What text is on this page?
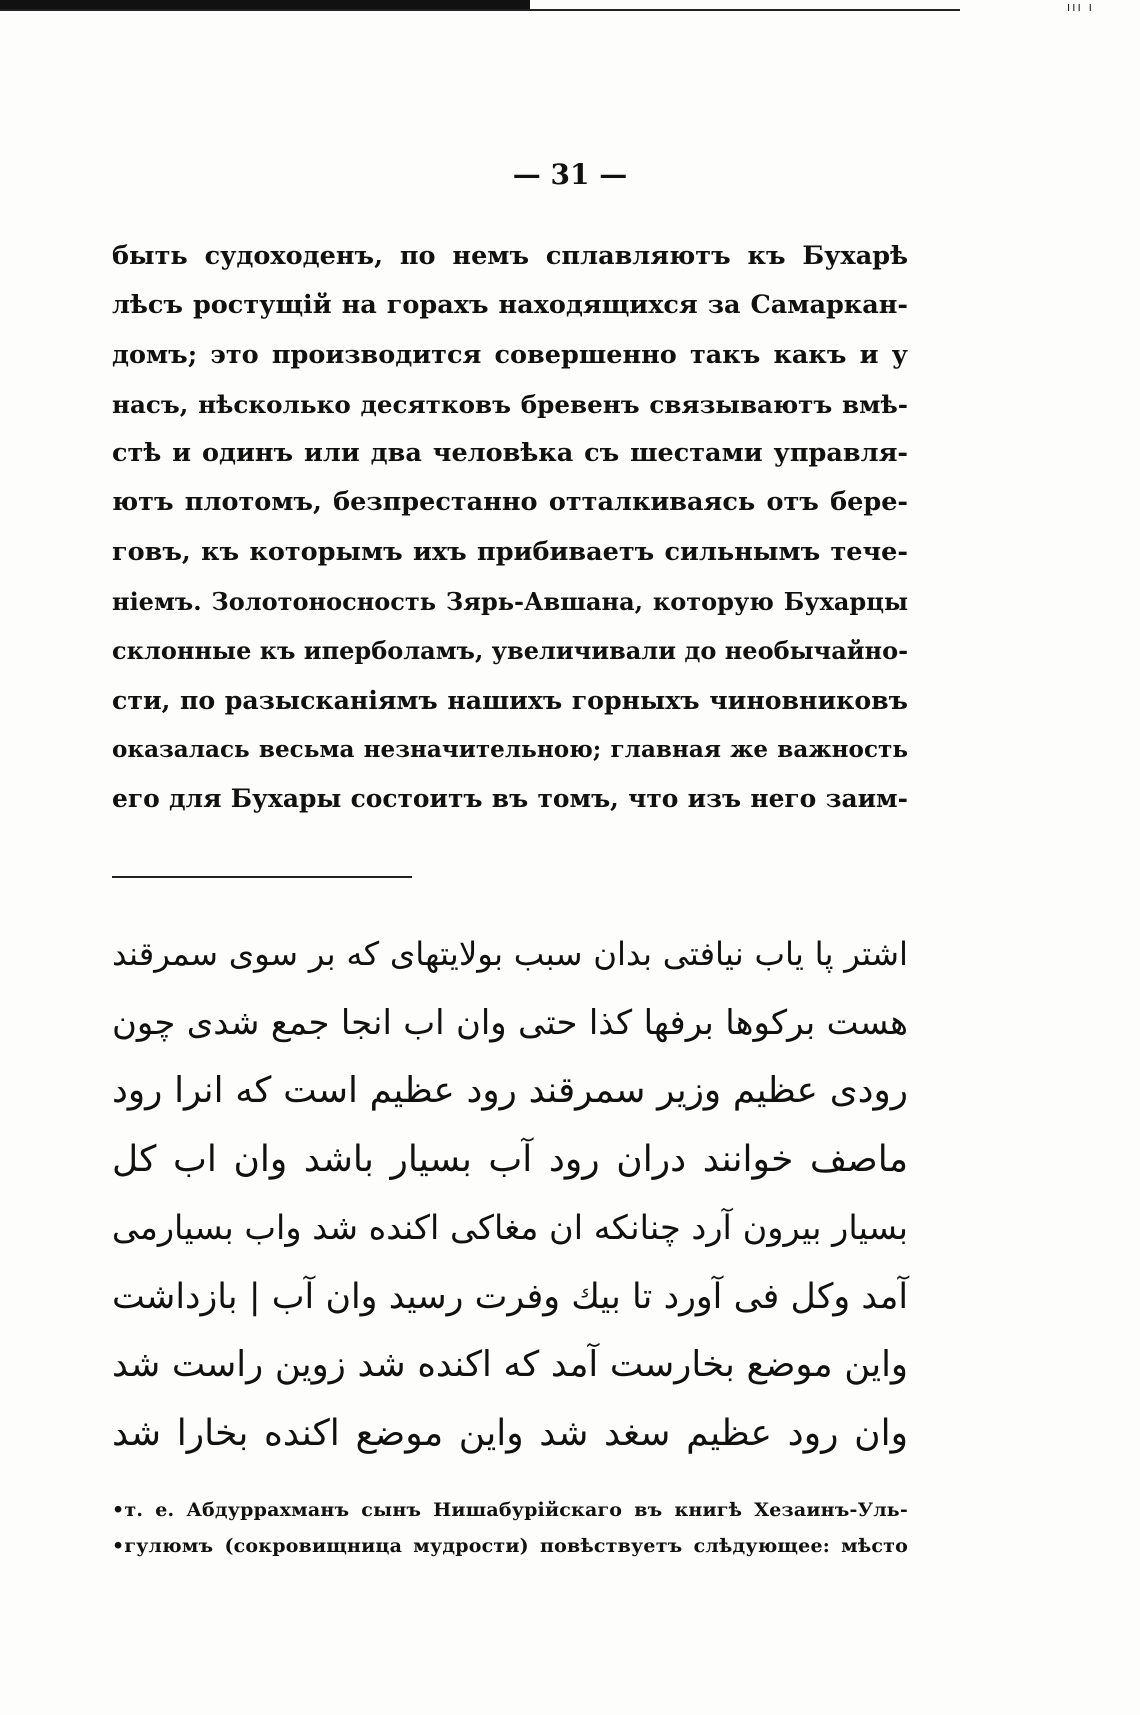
ııı ı
— 31 —
быть судоходенъ, по немъ сплавляютъ къ Бухарѣ
лѣсъ ростущій на горахъ находящихся за Самаркан-
домъ; это производится совершенно такъ какъ и у
насъ, нѣсколько десятковъ бревенъ связываютъ вмѣ-
стѣ и одинъ или два человѣка съ шестами управля-
ютъ плотомъ, безпрестанно отталкиваясь отъ бере-
говъ, къ которымъ ихъ прибиваетъ сильнымъ тече-
ніемъ. Золотоносность Зярь-Авшана, которую Бухарцы
склонные къ иперболамъ, увеличивали до необычайно-
сти, по разысканіямъ нашихъ горныхъ чиновниковъ
оказалась весьма незначительною; главная же важность
его для Бухары состоитъ въ томъ, что изъ него заим-
اشتر پا یاب نیافتی بدان سبب بولایتهای که بر سوی سمرقند
هست برکوها برفها کذا حتی وان اب انجا جمع شدی چون
رودی عظیم وزیر سمرقند رود عظیم است که انرا رود
ماصف خوانند دران رود آب بسیار باشد وان اب کل
بسیار بیرون آرد چنانکه ان مغاکی اکنده شد واب بسیارمی
آمد وکل فی آورد تا بیك وفرت رسید وان آب | بازداشت
واین موضع بخارست آمد که اکنده شد زوین راست شد
وان رود عظیم سغد شد واین موضع اکنده بخارا شد
•т. е. Абдуррахманъ сынъ Нишабурійскаго въ книгѣ Хезаинъ-Уль-
•гулюмъ (сокровищница мудрости) повѣствуетъ слѣдующее: мѣсто
